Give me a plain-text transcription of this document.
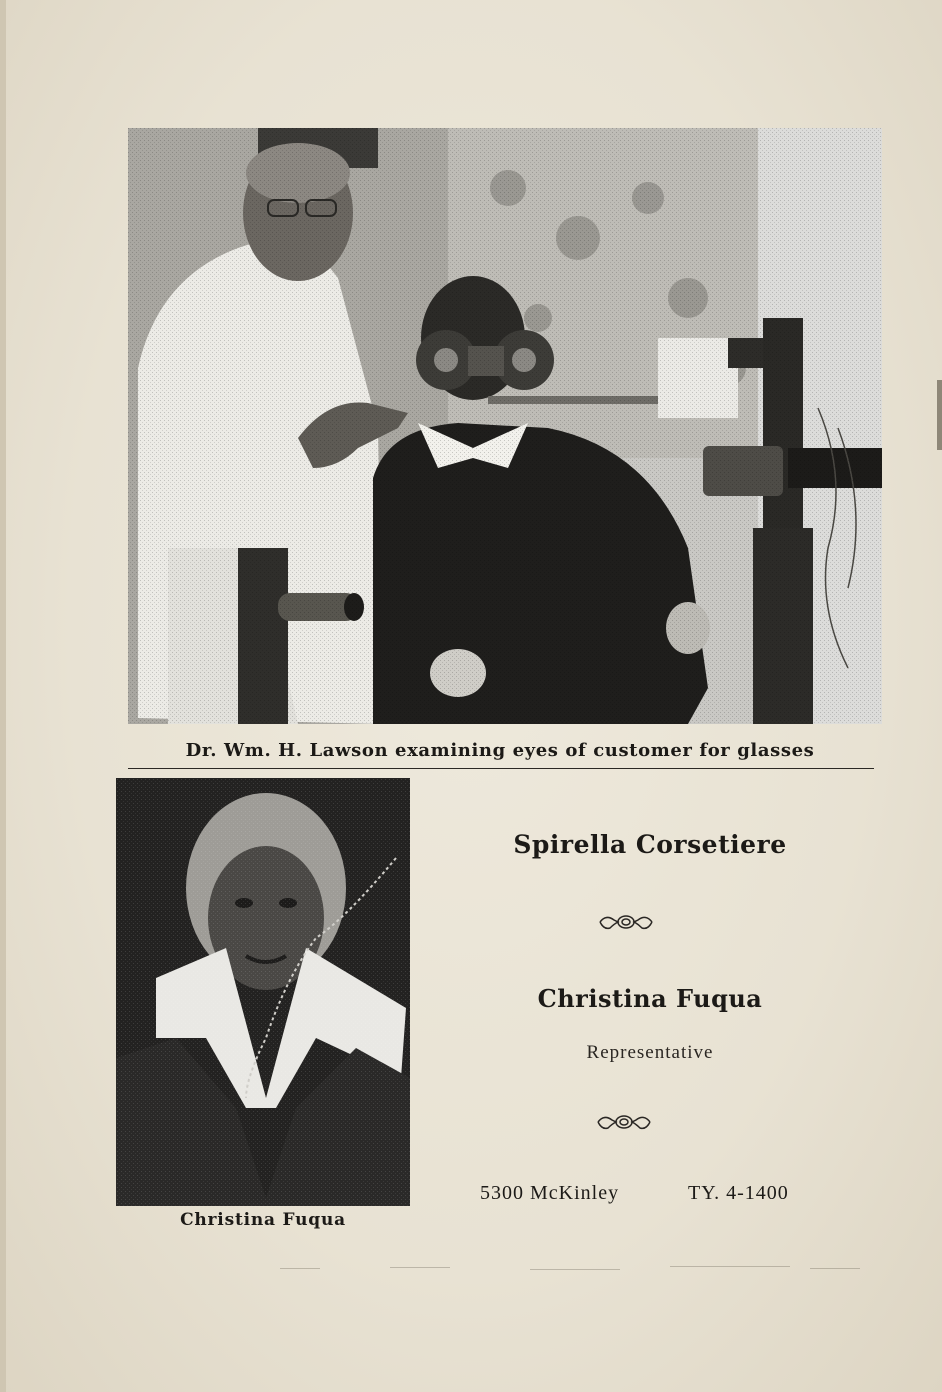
Dr. Wm. H. Lawson examining eyes of customer for glasses
Christina Fuqua
Spirella Corsetiere
Christina Fuqua
Representative
5300 McKinley	TY. 4-1400
